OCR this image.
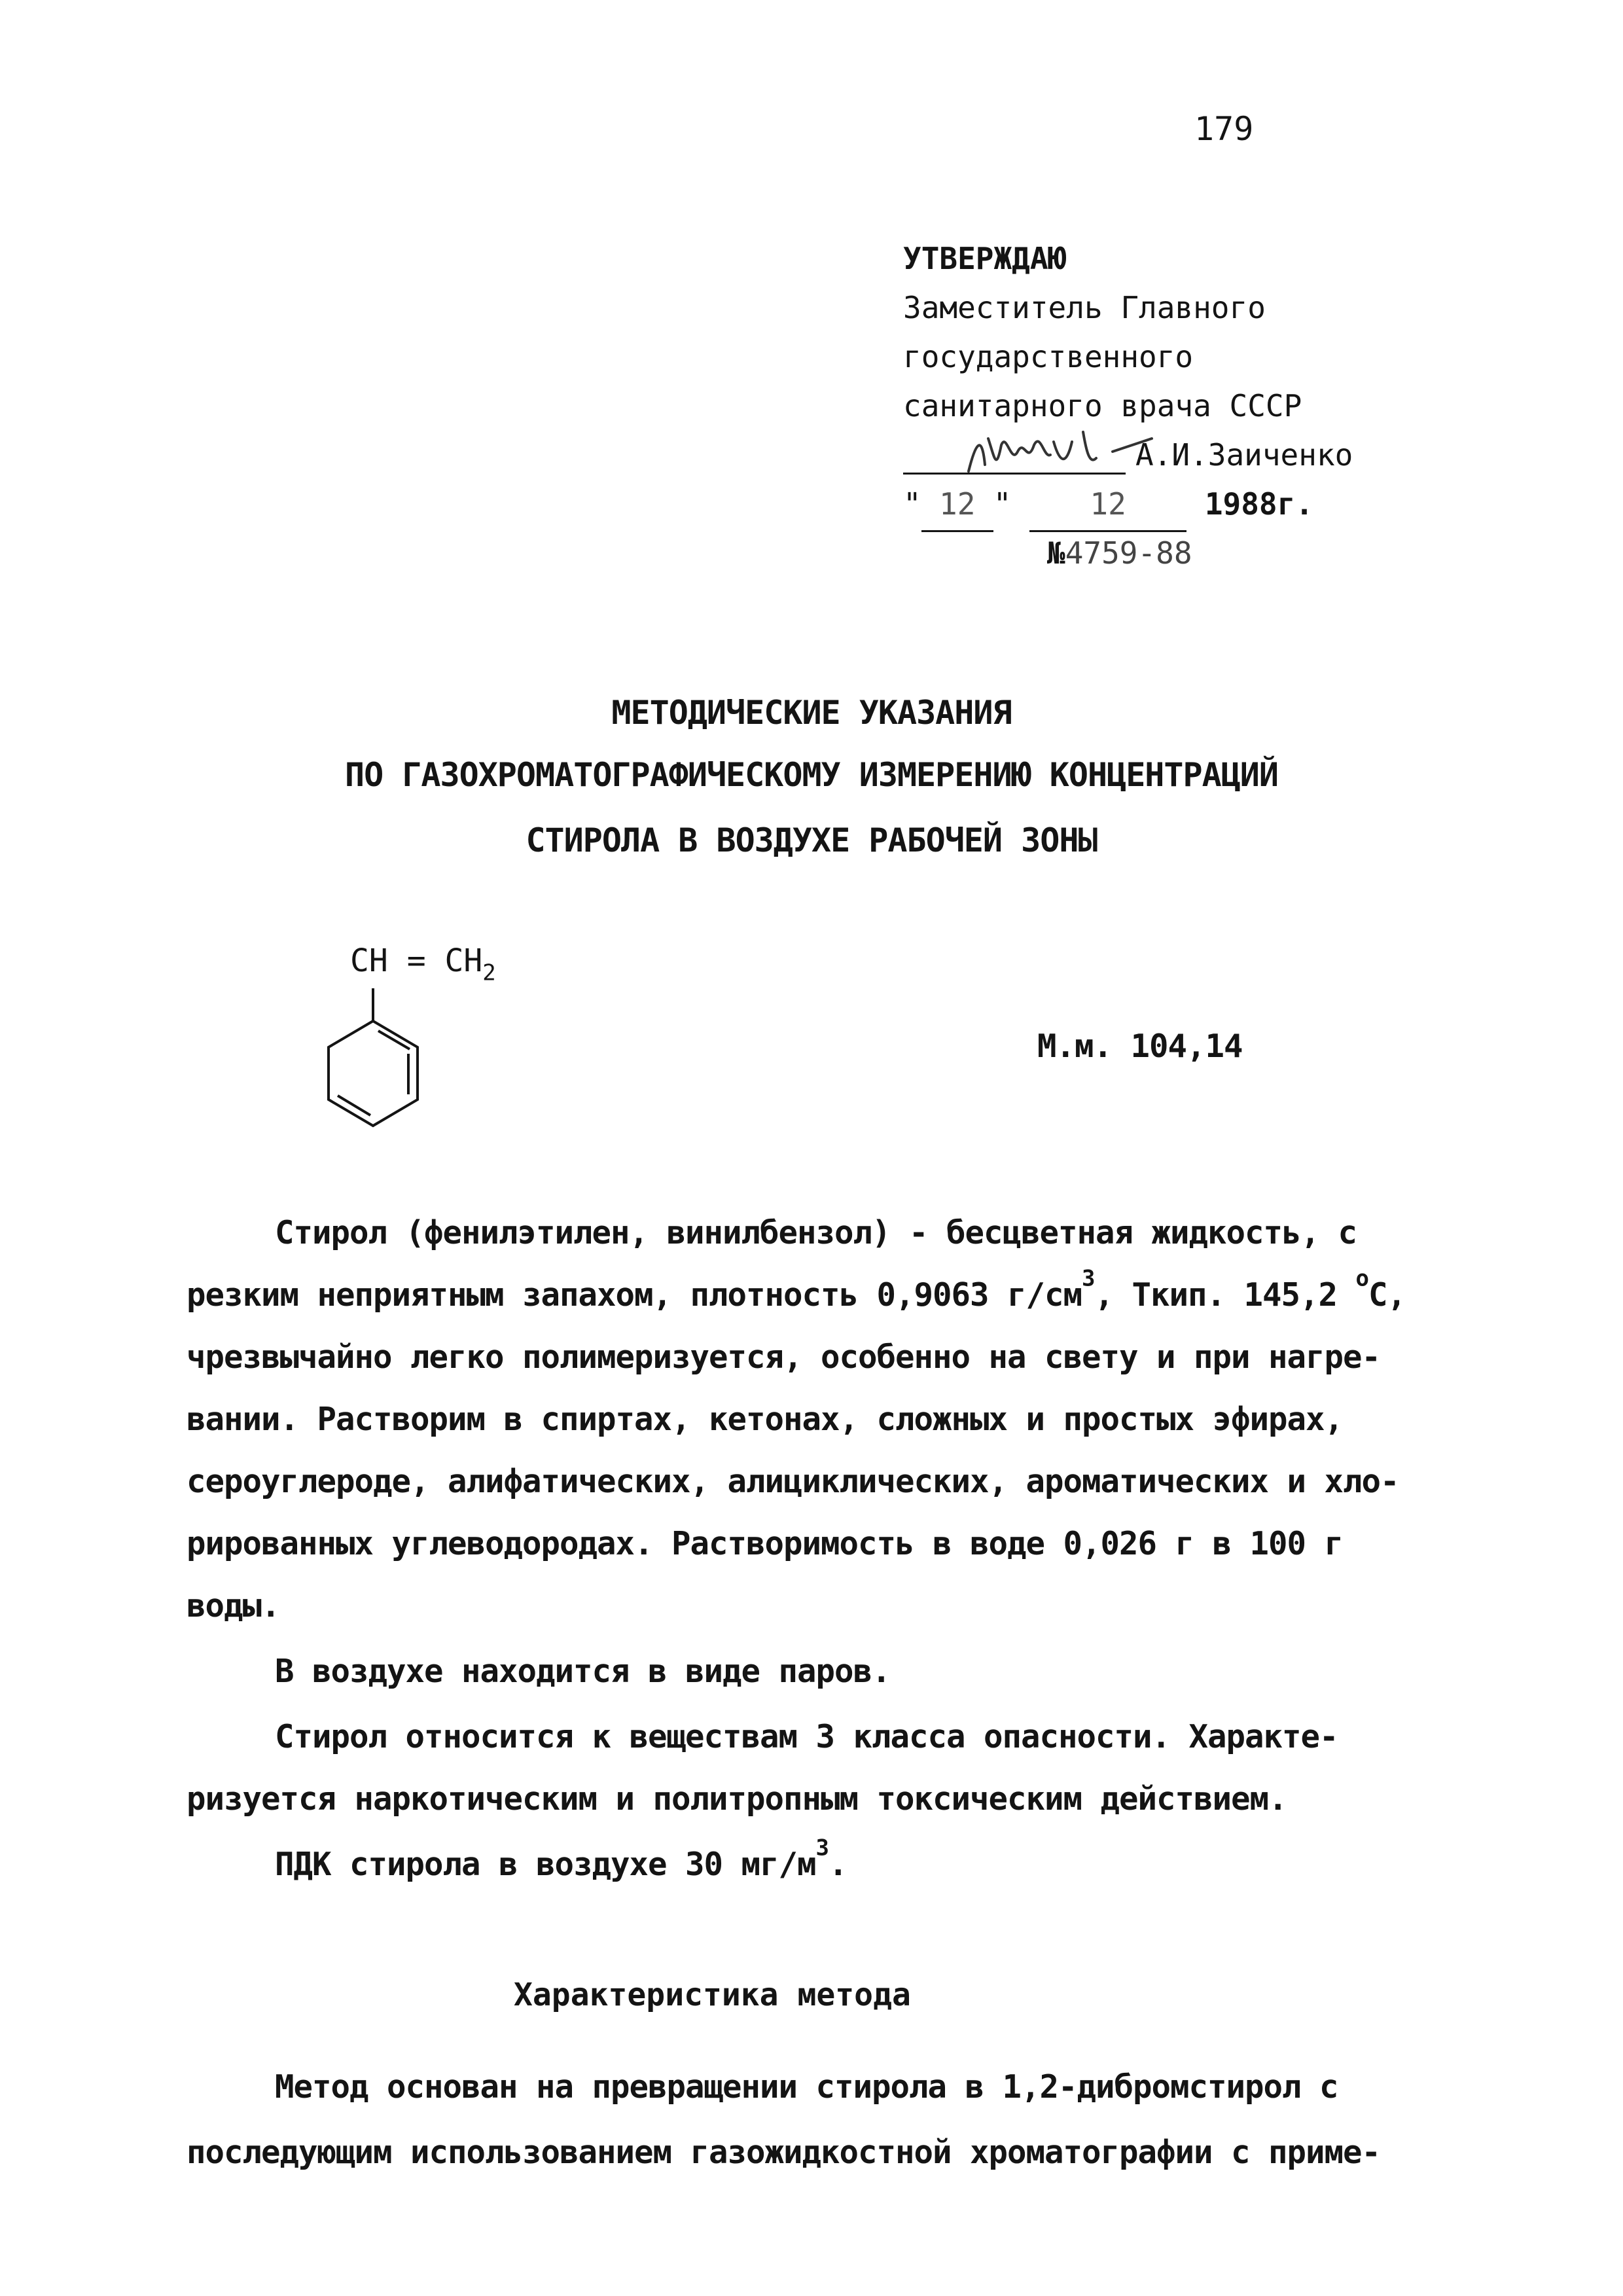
179
УТВЕРЖДАЮ
Заместитель Главного
государственного
санитарного врача СССР
А.И.Заиченко
" 12 "	12	1988г.
№4759-88
МЕТОДИЧЕСКИЕ УКАЗАНИЯ
ПО ГАЗОХРОМАТОГРАФИЧЕСКОМУ ИЗМЕРЕНИЮ КОНЦЕНТРАЦИЙ
СТИРОЛА В ВОЗДУХЕ РАБОЧЕЙ ЗОНЫ
CH = $CH_2$
М.м. 104,14
Стирол (фенилэтилен, винилбензол) - бесцветная жидкость, с
резким неприятным запахом, плотность 0,9063 $г/см^3$, Ткип. 145,2 $^о$С,
чрезвычайно легко полимеризуется, особенно на свету и при нагре-
вании. Растворим в спиртах, кетонах, сложных и простых эфирах,
сероуглероде, алифатических, алициклических, ароматических и хло-
рированных углеводородах. Растворимость в воде 0,026 г в 100 г
воды.
В воздухе находится в виде паров.
Стирол относится к веществам 3 класса опасности. Характе-
ризуется наркотическим и политропным токсическим действием.
ПДК стирола в воздухе 30 $мг/м^3$.
Характеристика метода
Метод основан на превращении стирола в 1,2-дибромстирол с
последующим использованием газожидкостной хроматографии с приме-
